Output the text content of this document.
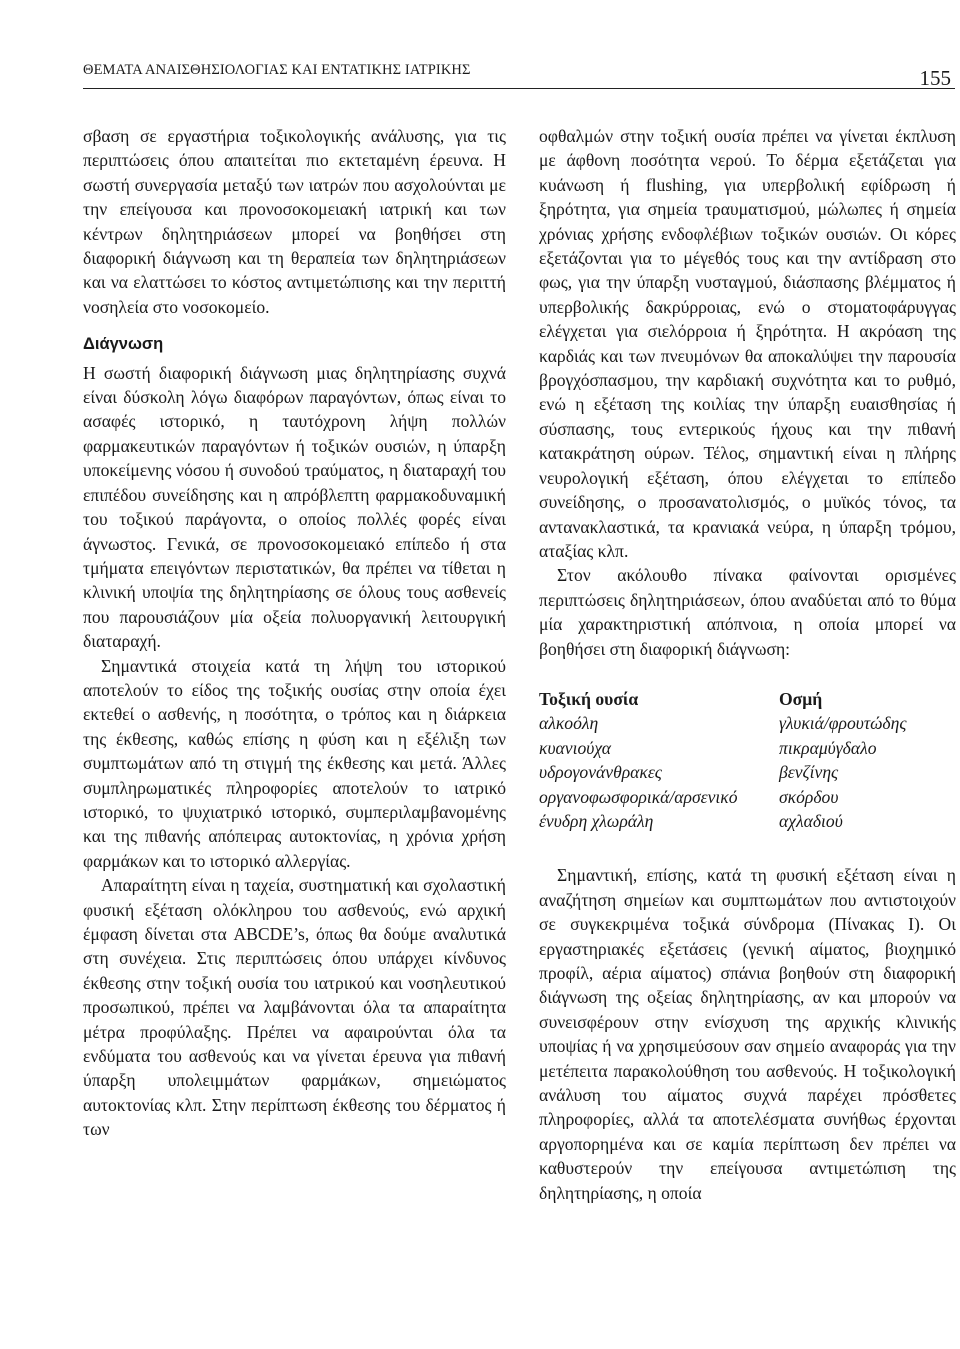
ΘΕΜΑΤΑ ΑΝΑΙΣΘΗΣΙΟΛΟΓΙΑΣ ΚΑΙ ΕΝΤΑΤΙΚΗΣ ΙΑΤΡΙΚΗΣ	155

σβαση σε εργαστήρια τοξικολογικής ανάλυσης, για τις περιπτώσεις όπου απαιτείται πιο εκτεταμένη έρευνα. Η σωστή συνεργασία μεταξύ των ιατρών που ασχολούνται με την επείγουσα και προνοσοκομειακή ιατρική και των κέντρων δηλητηριάσεων μπορεί να βοηθήσει στη διαφορική διάγνωση και τη θεραπεία των δηλητηριάσεων και να ελαττώσει το κόστος αντιμετώπισης και την περιττή νοσηλεία στο νοσοκομείο.

Διάγνωση

Η σωστή διαφορική διάγνωση μιας δηλητηρίασης συχνά είναι δύσκολη λόγω διαφόρων παραγόντων, όπως είναι το ασαφές ιστορικό, η ταυτόχρονη λήψη πολλών φαρμακευτικών παραγόντων ή τοξικών ουσιών, η ύπαρξη υποκείμενης νόσου ή συνοδού τραύματος, η διαταραχή του επιπέδου συνείδησης και η απρόβλεπτη φαρμακοδυναμική του τοξικού παράγοντα, ο οποίος πολλές φορές είναι άγνωστος. Γενικά, σε προνοσοκομειακό επίπεδο ή στα τμήματα επειγόντων περιστατικών, θα πρέπει να τίθεται η κλινική υποψία της δηλητηρίασης σε όλους τους ασθενείς που παρουσιάζουν μία οξεία πολυοργανική λειτουργική διαταραχή.

Σημαντικά στοιχεία κατά τη λήψη του ιστορικού αποτελούν το είδος της τοξικής ουσίας στην οποία έχει εκτεθεί ο ασθενής, η ποσότητα, ο τρόπος και η διάρκεια της έκθεσης, καθώς επίσης η φύση και η εξέλιξη των συμπτωμάτων από τη στιγμή της έκθεσης και μετά. Άλλες συμπληρωματικές πληροφορίες αποτελούν το ιατρικό ιστορικό, το ψυχιατρικό ιστορικό, συμπεριλαμβανομένης και της πιθανής απόπειρας αυτοκτονίας, η χρόνια χρήση φαρμάκων και το ιστορικό αλλεργίας.

Απαραίτητη είναι η ταχεία, συστηματική και σχολαστική φυσική εξέταση ολόκληρου του ασθενούς, ενώ αρχική έμφαση δίνεται στα ABCDE’s, όπως θα δούμε αναλυτικά στη συνέχεια. Στις περιπτώσεις όπου υπάρχει κίνδυνος έκθεσης στην τοξική ουσία του ιατρικού και νοσηλευτικού προσωπικού, πρέπει να λαμβάνονται όλα τα απαραίτητα μέτρα προφύλαξης. Πρέπει να αφαιρούνται όλα τα ενδύματα του ασθενούς και να γίνεται έρευνα για πιθανή ύπαρξη υπολειμμάτων φαρμάκων, σημειώματος αυτοκτονίας κλπ. Στην περίπτωση έκθεσης του δέρματος ή των

οφθαλμών στην τοξική ουσία πρέπει να γίνεται έκπλυση με άφθονη ποσότητα νερού. Το δέρμα εξετάζεται για κυάνωση ή flushing, για υπερβολική εφίδρωση ή ξηρότητα, για σημεία τραυματισμού, μώλωπες ή σημεία χρόνιας χρήσης ενδοφλέβιων τοξικών ουσιών. Οι κόρες εξετάζονται για το μέγεθός τους και την αντίδραση στο φως, για την ύπαρξη νυσταγμού, διάσπασης βλέμματος ή υπερβολικής δακρύρροιας, ενώ ο στοματοφάρυγγας ελέγχεται για σιελόρροια ή ξηρότητα. Η ακρόαση της καρδιάς και των πνευμόνων θα αποκαλύψει την παρουσία βρογχόσπασμου, την καρδιακή συχνότητα και το ρυθμό, ενώ η εξέταση της κοιλίας την ύπαρξη ευαισθησίας ή σύσπασης, τους εντερικούς ήχους και την πιθανή κατακράτηση ούρων. Τέλος, σημαντική είναι η πλήρης νευρολογική εξέταση, όπου ελέγχεται το επίπεδο συνείδησης, ο προσανατολισμός, ο μυϊκός τόνος, τα αντανακλαστικά, τα κρανιακά νεύρα, η ύπαρξη τρόμου, αταξίας κλπ.

Στον ακόλουθο πίνακα φαίνονται ορισμένες περιπτώσεις δηλητηριάσεων, όπου αναδύεται από το θύμα μία χαρακτηριστική απόπνοια, η οποία μπορεί να βοηθήσει στη διαφορική διάγνωση:

Τοξική ουσία	Οσμή
αλκοόλη	γλυκιά/φρουτώδης
κυανιούχα	πικραμύγδαλο
υδρογονάνθρακες	βενζίνης
οργανοφωσφορικά/αρσενικό	σκόρδου
ένυδρη χλωράλη	αχλαδιού

Σημαντική, επίσης, κατά τη φυσική εξέταση είναι η αναζήτηση σημείων και συμπτωμάτων που αντιστοιχούν σε συγκεκριμένα τοξικά σύνδρομα (Πίνακας I). Οι εργαστηριακές εξετάσεις (γενική αίματος, βιοχημικό προφίλ, αέρια αίματος) σπάνια βοηθούν στη διαφορική διάγνωση της οξείας δηλητηρίασης, αν και μπορούν να συνεισφέρουν στην ενίσχυση της αρχικής κλινικής υποψίας ή να χρησιμεύσουν σαν σημείο αναφοράς για την μετέπειτα παρακολούθηση του ασθενούς. Η τοξικολογική ανάλυση του αίματος συχνά παρέχει πρόσθετες πληροφορίες, αλλά τα αποτελέσματα συνήθως έρχονται αργοπορημένα και σε καμία περίπτωση δεν πρέπει να καθυστερούν την επείγουσα αντιμετώπιση της δηλητηρίασης, η οποία
